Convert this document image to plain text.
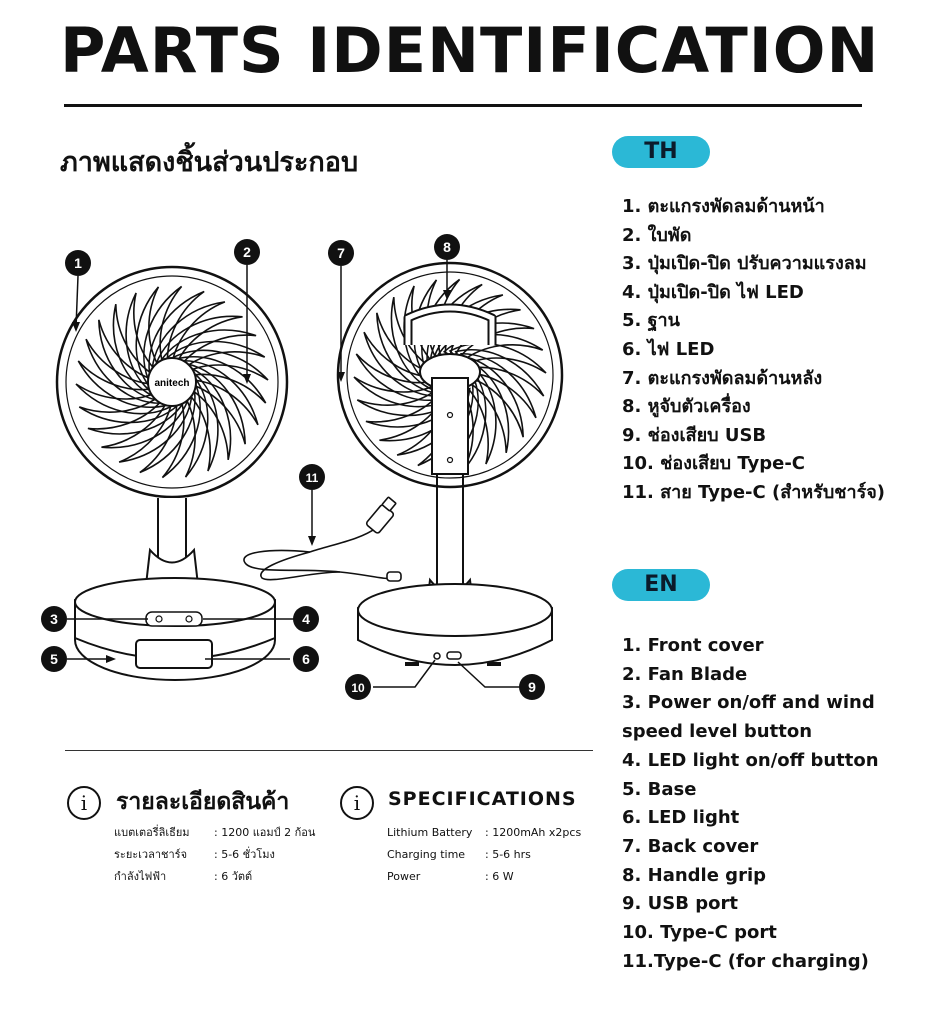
PARTS IDENTIFICATION
ภาพแสดงชิ้นส่วนประกอบ	TH
1. ตะแกรงพัดลมด้านหน้า
2. ใบพัด
3. ปุ่มเปิด-ปิด ปรับความแรงลม
4. ปุ่มเปิด-ปิด ไฟ LED
5. ฐาน
6. ไฟ LED
7. ตะแกรงพัดลมด้านหลัง
8. หูจับตัวเครื่อง
9. ช่องเสียบ USB
10. ช่องเสียบ Type-C
11. สาย Type-C (สำหรับชาร์จ)
EN
1. Front cover
2. Fan Blade
3. Power on/off and wind
speed level button
4. LED light on/off button
5. Base
6. LED light
7. Back cover
8. Handle grip
9. USB port
10. Type-C port
11.Type-C (for charging)
anitech
1
2	7	8
9
6
4
3
5
10
11
i	รายละเอียดสินค้า
แบตเตอรี่ลิเธียม	: 1200 แอมป์ 2 ก้อน
ระยะเวลาชาร์จ	: 5-6 ชั่วโมง
กำลังไฟฟ้า	: 6 วัตต์
i	SPECIFICATIONS
Lithium Battery	: 1200mAh x2pcs
Charging time	: 5-6 hrs
Power	: 6 W
